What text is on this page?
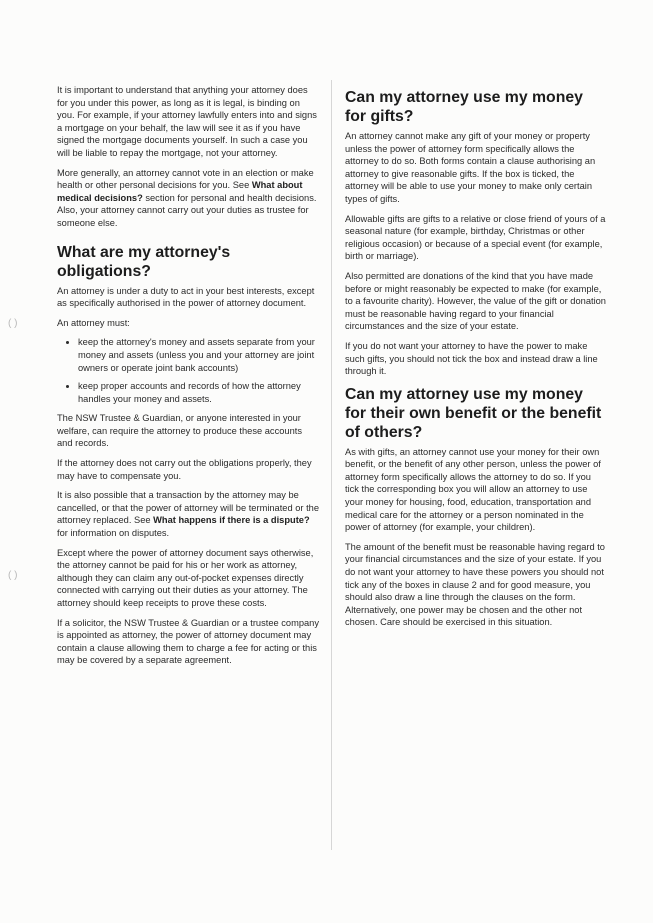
It is important to understand that anything your attorney does for you under this power, as long as it is legal, is binding on you. For example, if your attorney lawfully enters into and signs a mortgage on your behalf, the law will see it as if you have signed the mortgage documents yourself. In such a case you will be liable to repay the mortgage, not your attorney.

More generally, an attorney cannot vote in an election or make health or other personal decisions for you. See What about medical decisions? section for personal and health decisions. Also, your attorney cannot carry out your duties as trustee for someone else.

What are my attorney's obligations?

An attorney is under a duty to act in your best interests, except as specifically authorised in the power of attorney document.

An attorney must:

• keep the attorney's money and assets separate from your money and assets (unless you and your attorney are joint owners or operate joint bank accounts)
• keep proper accounts and records of how the attorney handles your money and assets.

The NSW Trustee & Guardian, or anyone interested in your welfare, can require the attorney to produce these accounts and records.

If the attorney does not carry out the obligations properly, they may have to compensate you.

It is also possible that a transaction by the attorney may be cancelled, or that the power of attorney will be terminated or the attorney replaced. See What happens if there is a dispute? for information on disputes.

Except where the power of attorney document says otherwise, the attorney cannot be paid for his or her work as attorney, although they can claim any out-of-pocket expenses directly connected with carrying out their duties as your attorney. The attorney should keep receipts to prove these costs.

If a solicitor, the NSW Trustee & Guardian or a trustee company is appointed as attorney, the power of attorney document may contain a clause allowing them to charge a fee for acting or this may be covered by a separate agreement.

Can my attorney use my money for gifts?

An attorney cannot make any gift of your money or property unless the power of attorney form specifically allows the attorney to do so. Both forms contain a clause authorising an attorney to give reasonable gifts. If the box is ticked, the attorney will be able to use your money to make only certain types of gifts.

Allowable gifts are gifts to a relative or close friend of yours of a seasonal nature (for example, birthday, Christmas or other religious occasion) or because of a special event (for example, birth or marriage).

Also permitted are donations of the kind that you have made before or might reasonably be expected to make (for example, to a favourite charity). However, the value of the gift or donation must be reasonable having regard to your financial circumstances and the size of your estate.

If you do not want your attorney to have the power to make such gifts, you should not tick the box and instead draw a line through it.

Can my attorney use my money for their own benefit or the benefit of others?

As with gifts, an attorney cannot use your money for their own benefit, or the benefit of any other person, unless the power of attorney form specifically allows the attorney to do so. If you tick the corresponding box you will allow an attorney to use your money for housing, food, education, transportation and medical care for the attorney or a person nominated in the power of attorney (for example, your children).

The amount of the benefit must be reasonable having regard to your financial circumstances and the size of your estate. If you do not want your attorney to have these powers you should not tick any of the boxes in clause 2 and for good measure, you should also draw a line through the clauses on the form. Alternatively, one power may be chosen and the other not chosen. Care should be exercised in this situation.

( )
( )
